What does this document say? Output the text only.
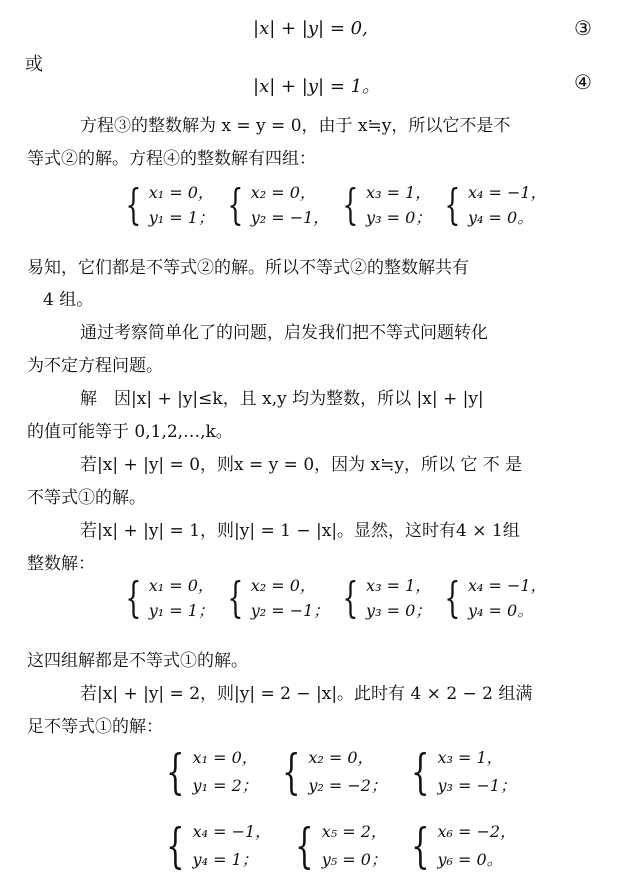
|x| + |y| = 0,	③
或
|x| + |y| = 1。	④
方程③的整数解为 x = y = 0，由于 x≒y，所以它不是不
等式②的解。方程④的整数解有四组：
{ x₁ = 0，
y₁ = 1； { x₂ = 0，
y₂ = −1， { x₃ = 1，
y₃ = 0； { x₄ = −1，
y₄ = 0。
易知，它们都是不等式②的解。所以不等式②的整数解共有
4 组。
通过考察简单化了的问题，启发我们把不等式问题转化
为不定方程问题。
解　因|x| + |y|≤k，且 x,y 均为整数，所以 |x| + |y|
的值可能等于 0,1,2,…,k。
若|x| + |y| = 0，则x = y = 0，因为 x≒y，所以 它 不 是
不等式①的解。
若|x| + |y| = 1，则|y| = 1 − |x|。显然，这时有4 × 1组
整数解：
{ x₁ = 0，
y₁ = 1； { x₂ = 0，
y₂ = −1； { x₃ = 1，
y₃ = 0； { x₄ = −1，
y₄ = 0。
这四组解都是不等式①的解。
若|x| + |y| = 2，则|y| = 2 − |x|。此时有 4 × 2 − 2 组满
足不等式①的解：
{ x₁ = 0，
y₁ = 2； { x₂ = 0，
y₂ = −2； { x₃ = 1，
y₃ = −1；
{ x₄ = −1，
y₄ = 1； { x₅ = 2，
y₅ = 0； { x₆ = −2，
y₆ = 0。
